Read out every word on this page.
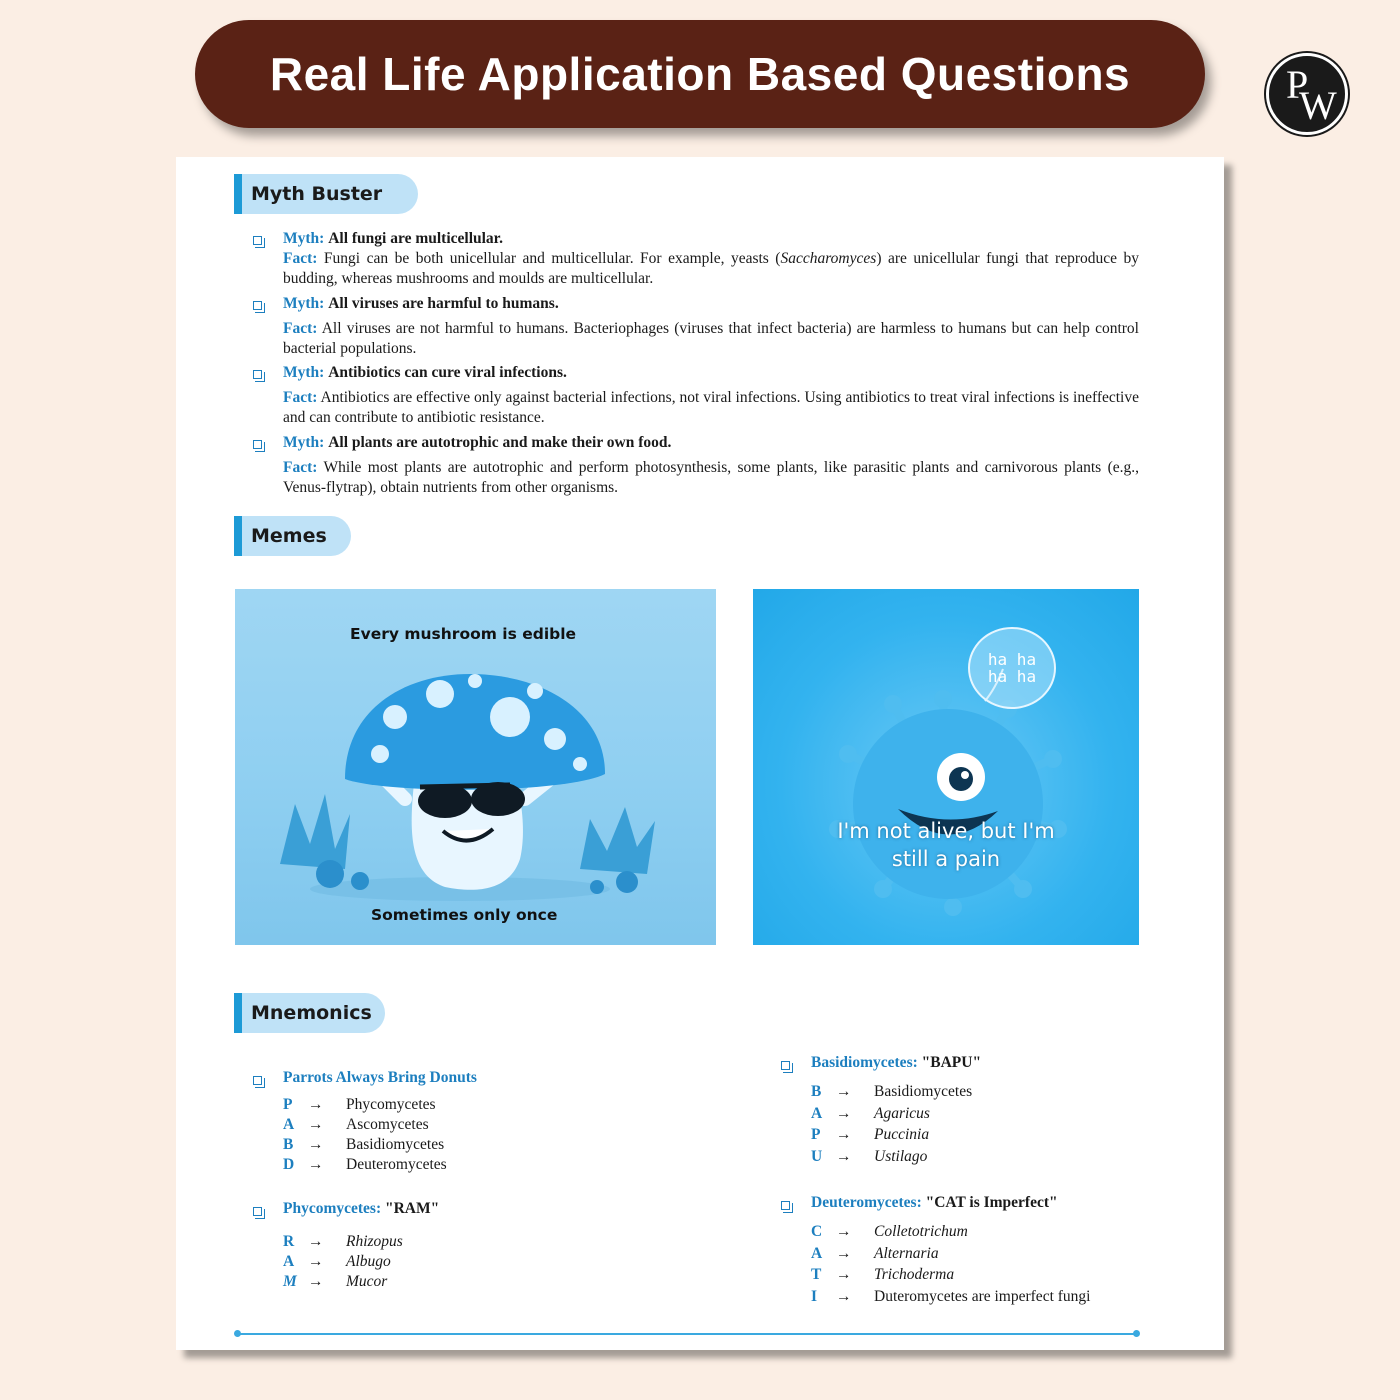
Real Life Application Based Questions	P
W
Myth Buster
Myth: All fungi are multicellular.
Fact: Fungi can be both unicellular and multicellular. For example, yeasts (Saccharomyces) are unicellular fungi that reproduce by budding, whereas mushrooms and moulds are multicellular.
Myth: All viruses are harmful to humans.
Fact: All viruses are not harmful to humans. Bacteriophages (viruses that infect bacteria) are harmless to humans but can help control bacterial populations.
Myth: Antibiotics can cure viral infections.
Fact: Antibiotics are effective only against bacterial infections, not viral infections. Using antibiotics to treat viral infections is ineffective and can contribute to antibiotic resistance.
Myth: All plants are autotrophic and make their own food.
Fact: While most plants are autotrophic and perform photosynthesis, some plants, like parasitic plants and carnivorous plants (e.g., Venus-flytrap), obtain nutrients from other organisms.
Memes
Every mushroom is edible
Sometimes only once
I'm not alive, but I'm
still a pain
ha ha
ha ha
Mnemonics
Parrots Always Bring Donuts
P → Phycomycetes
A → Ascomycetes
B → Basidiomycetes
D → Deuteromycetes
Phycomycetes: "RAM"
R → Rhizopus
A → Albugo
M → Mucor
Basidiomycetes: "BAPU"
B → Basidiomycetes
A → Agaricus
P → Puccinia
U → Ustilago
Deuteromycetes: "CAT is Imperfect"
C → Colletotrichum
A → Alternaria
T → Trichoderma
I → Duteromycetes are imperfect fungi
